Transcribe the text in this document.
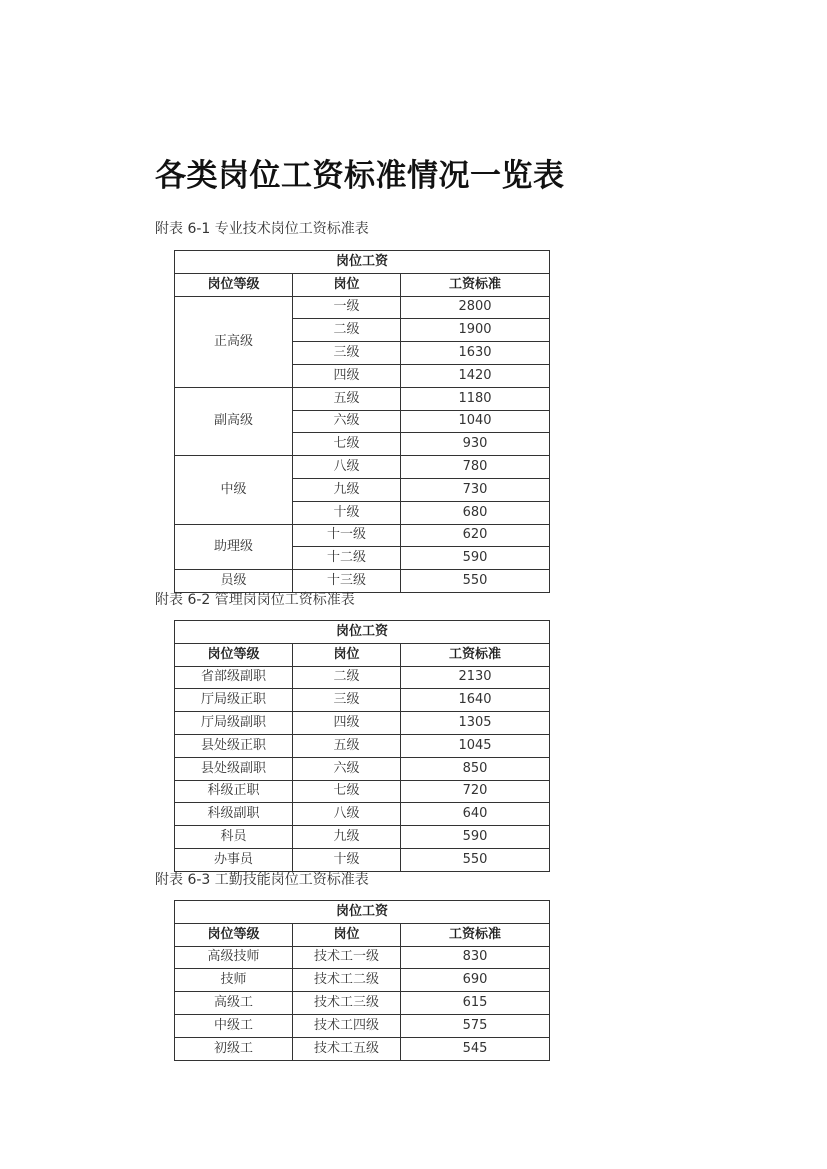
各类岗位工资标准情况一览表
附表 6-1 专业技术岗位工资标准表
岗位工资		
岗位等级	岗位	工资标准
正高级	一级	2800
	二级	1900
	三级	1630
	四级	1420
副高级	五级	1180
	六级	1040
	七级	930
中级	八级	780
	九级	730
	十级	680
助理级	十一级	620
	十二级	590
员级	十三级	550
附表 6-2 管理岗岗位工资标准表
岗位工资		
岗位等级	岗位	工资标准
省部级副职	二级	2130
厅局级正职	三级	1640
厅局级副职	四级	1305
县处级正职	五级	1045
县处级副职	六级	850
科级正职	七级	720
科级副职	八级	640
科员	九级	590
办事员	十级	550
附表 6-3 工勤技能岗位工资标准表
岗位工资		
岗位等级	岗位	工资标准
高级技师	技术工一级	830
技师	技术工二级	690
高级工	技术工三级	615
中级工	技术工四级	575
初级工	技术工五级	545
